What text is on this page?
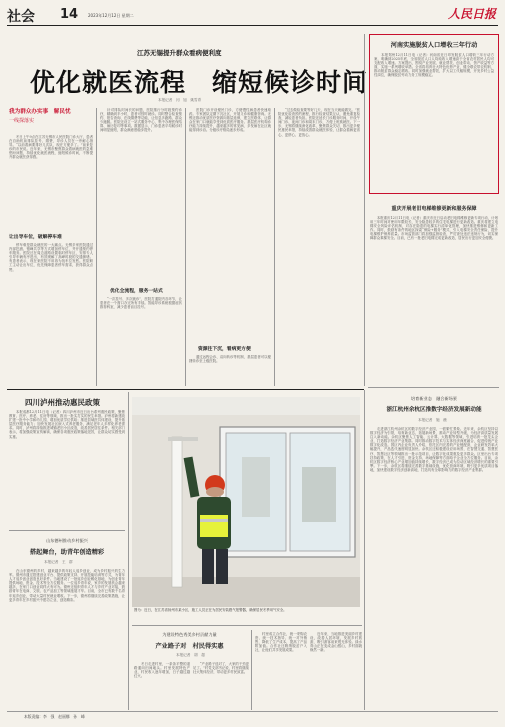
社会 14 2023年12月12日 星期二	人民日报
江苏无锡提升群众看病便利度
优化就医流程　缩短候诊时间
本报记者　闫　旭　姚雪青
我为群众办实事　解民忧
一线探落实
　　冬日上午9点在江苏无锡市人民医院门诊大厅，患者在自助机前排队挂号、缴费，导诊人员在一旁耐心指导。“以前看病要排好几次队，现在方便多了。”前来复诊的市民说。近年来，无锡市聚焦群众看病就医的急难愁盼问题，持续优化就医流程，缩短候诊时间，不断提升群众就医获得感。
让出导车位，破解停车难
　　停车难是群众就医的一大痛点。无锡多家医院通过内部挖潜、错峰共享等方式增加停车位，并开通预约停车服务。医院还在周边道路设置临时停车区，安排专人引导车辆有序进出，有效缓解了高峰时段的交通拥堵。有患者表示，现在来医院不用再为找车位发愁。医院职工主动让出车位，优先保障患者停车需求，获得群众点赞。
　　针对排队时间长的问题，医院推行分时段预约诊疗，精确到半小时，患者可按时就诊。同时整合检查预约、报告查询、在线缴费等功能，让信息多跑路、群众少跑腿。医院还设立一站式服务中心，集中办理医保结算、病历复印等事项。数据显示，门诊患者平均候诊时间明显缩短，群众满意度稳步提升。
优化全流程，服务一站式
　　“一次挂号、多次就诊”，医院打通院内各环节，让患者在一个窗口办完所有手续。智能导诊系统根据症状推荐科室，减少患者盲目挂号。
　　医院门诊开设便民门诊，方便慢性病患者快速取药。专家团队定期下沉社区，开展义诊和健康咨询。无锡还推动优质医疗资源向基层延伸，建立医联体，让群众在家门口就能享受到优质医疗服务。基层医疗机构诊疗能力持续提升，越来越多的常见病、多发病在社区就能得到诊治。分级诊疗格局逐步形成。
资源往下沉，看病更方便
　　通过远程会诊、双向转诊等机制，基层患者可以便捷转诊至上级医院。
　　“过去做检查要等好几天，现在当天就能做完。”医院优化检查预约流程，推行检查结果互认，避免重复检查，减轻患者负担。医院还延长门诊服务时间，开设午间门诊、夜间门诊和周末门诊，方便上班族就医。下一步，无锡将继续深化改革，聚焦群众关切，推出更多便民惠民举措，持续改善群众就医体验，让群众看病更省心、更舒心、更放心。
河南实施脱贫人口增收三年行动
　　本报郑州12月11日电（记者）河南省近日印发脱贫人口增收三年行动方案，明确到2025年底，全省脱贫人口人均纯收入增速高于全省农村居民人均可支配收入增速。方案提出，围绕产业发展、就业帮扶、创业带动、资产收益等方面，实施一系列增收举措。全省将培育壮大特色优势产业，健全联农带农机制，推动脱贫群众稳定增收。同时加强就业帮扶，扩大以工代赈规模，开发乡村公益性岗位，确保脱贫劳动力务工规模稳定。
重庆开展老旧电梯维修更新和服务保障
　　本报重庆12月11日电（记者）重庆市近日启动老旧电梯维修更新专项行动，计划用三年时间对使用年限较长、安全隐患较多的住宅电梯进行更新改造。重庆将建立电梯安全风险评估机制，对存在隐患的电梯实行清单化管理，加快推进维修和更新工作。同时，鼓励有条件的地区探索“保险+服务”模式，引入电梯安全责任保险，提升电梯维护保养质量。市场监管部门将加强监督检查，严厉查处违法违规行为，切实保障群众乘梯安全。目前，已有一批老旧电梯完成更新改造，居民出行更加安全便捷。
培育新业态　融合新场景
浙江杭州余杭区推数字经济发展新动能
本报记者　施　薇
　　走进浙江杭州余杭区的数字经济产业园，一派繁忙景象。近年来，余杭区坚持以数字经济为引领，培育新业态、拓展新场景，推动产业转型升级，为经济高质量发展注入新动能。余杭区聚焦人工智能、云计算、大数据等领域，引进培育一批龙头企业，打造数字经济产业集群。同时推动数字技术与实体经济深度融合，促进传统产业数字化改造。园区内企业负责人介绍，依托区内完善的产业链配套，企业研发效率大幅提升，产品迭代速度明显加快。余杭区还积极建设应用场景，在智慧交通、智慧医疗、智慧社区等领域推出一批示范项目，让数字化成果惠及更多群众。区里出台专项扶持政策，在人才引进、资金支持、场地保障等方面给予企业全方位服务。目前，余杭区数字经济核心产业增加值持续增长，数字经济已成为拉动区域经济增长的重要引擎。下一步，余杭区将继续完善数字基础设施，优化营商环境，吸引更多优质项目落地，加快建设数字经济创新高地，打造具有全球影响力的数字经济产业集群。
四川泸州推动惠民政策
　　本报成都12月11日电（记者）四川泸州市近日出台系列惠民政策，聚焦教育、医疗、养老、住房等领域，推出一批实打实的民生举措。泸州将新建改扩建一批中小学和幼儿园，增加优质学位供给；推进县域医共体建设，提升基层医疗服务能力；加快发展社区嵌入式养老服务，满足老年人多样化养老需求。同时，泸州将持续推进城镇老旧小区改造，改善居民居住条件。相关部门表示，将加强政策宣传解读，确保各项惠民政策落地见效，让群众切实感受到实惠。
山东德州推动乡村振兴
搭起舞台，助青年创造精彩
本报记者　王　群
　　在山东德州的乡村，越来越多的年轻人返乡创业，成为乡村振兴的生力军。德州市通过搭建创业平台、提供政策支持、开展技能培训等方式，为青年人才返乡创业创造良好条件。当地建设了一批返乡创业孵化基地，为创业青年提供场地、资金、技术等全方位服务。一位返乡青年说，家乡的发展机会越来越多，在家门口创业同样大有可为。德州还组织青年人才与乡村产业对接，鼓励青年在电商、文旅、农产品加工等领域施展才华。目前，全市已有数千名青年返乡创业，带动大量村民就业增收。下一步，德州将继续完善政策措施，让更多青年在乡村振兴中建功立业、创造精彩。
图为：近日，在江苏省扬州市某小区，施工人员正在为居民安装燃气报警器，确保居民冬季用气安全。
为建设特色秀美乡村贡献力量
产业路子对　村民得实惠
本报记者　胡　超
　　冬日走进村里，一条条平整的道路通向田间地头。村里发展特色产业，村民收入逐年增加，日子越过越红火。
　　“产业路子选对了，大家的干劲更足了。”村党支部书记说，村里将继续壮大集体经济，带动更多村民致富。
　　村里成立合作社，统一采购农资、统一技术指导、统一对外销售，降低了生产成本，提高了产品附加值。合作社还吸纳脱贫户入社，让他们共享发展成果。
　　近年来，当地推进美丽乡村建设，改善人居环境，发展乡村旅游，吸引游客前来观光体验。绿水青山正在变成金山银山，乡村面貌焕然一新。
本版责编：李　强　赵丽娜　孙　峰
